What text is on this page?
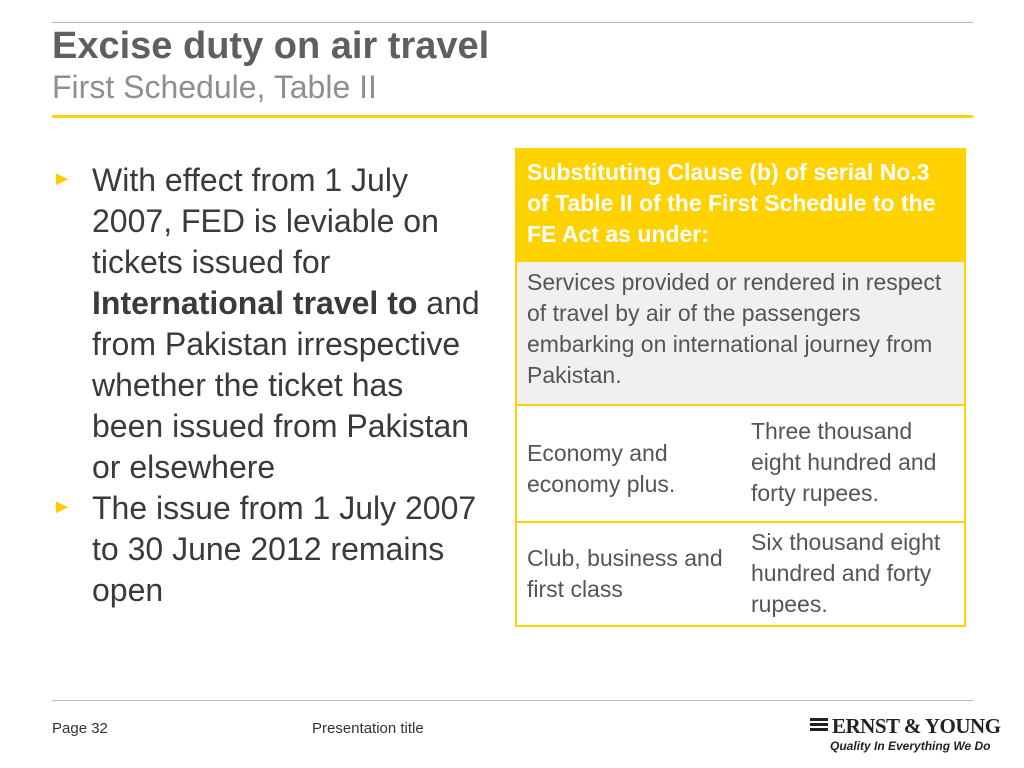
Excise duty on air travel
First Schedule, Table II
► With effect from 1 July 2007, FED is leviable on tickets issued for International travel to and from Pakistan irrespective whether the ticket has been issued from Pakistan or elsewhere
► The issue from 1 July 2007 to 30 June 2012 remains open
Substituting Clause (b) of serial No.3 of Table II of the First Schedule to the FE Act as under:
Services provided or rendered in respect of travel by air of the passengers embarking on international journey from Pakistan.
Economy and economy plus.
Three thousand eight hundred and forty rupees.
Club, business and first class
Six thousand eight hundred and forty rupees.
Page 32	Presentation title	ERNST & YOUNG
Quality In Everything We Do
